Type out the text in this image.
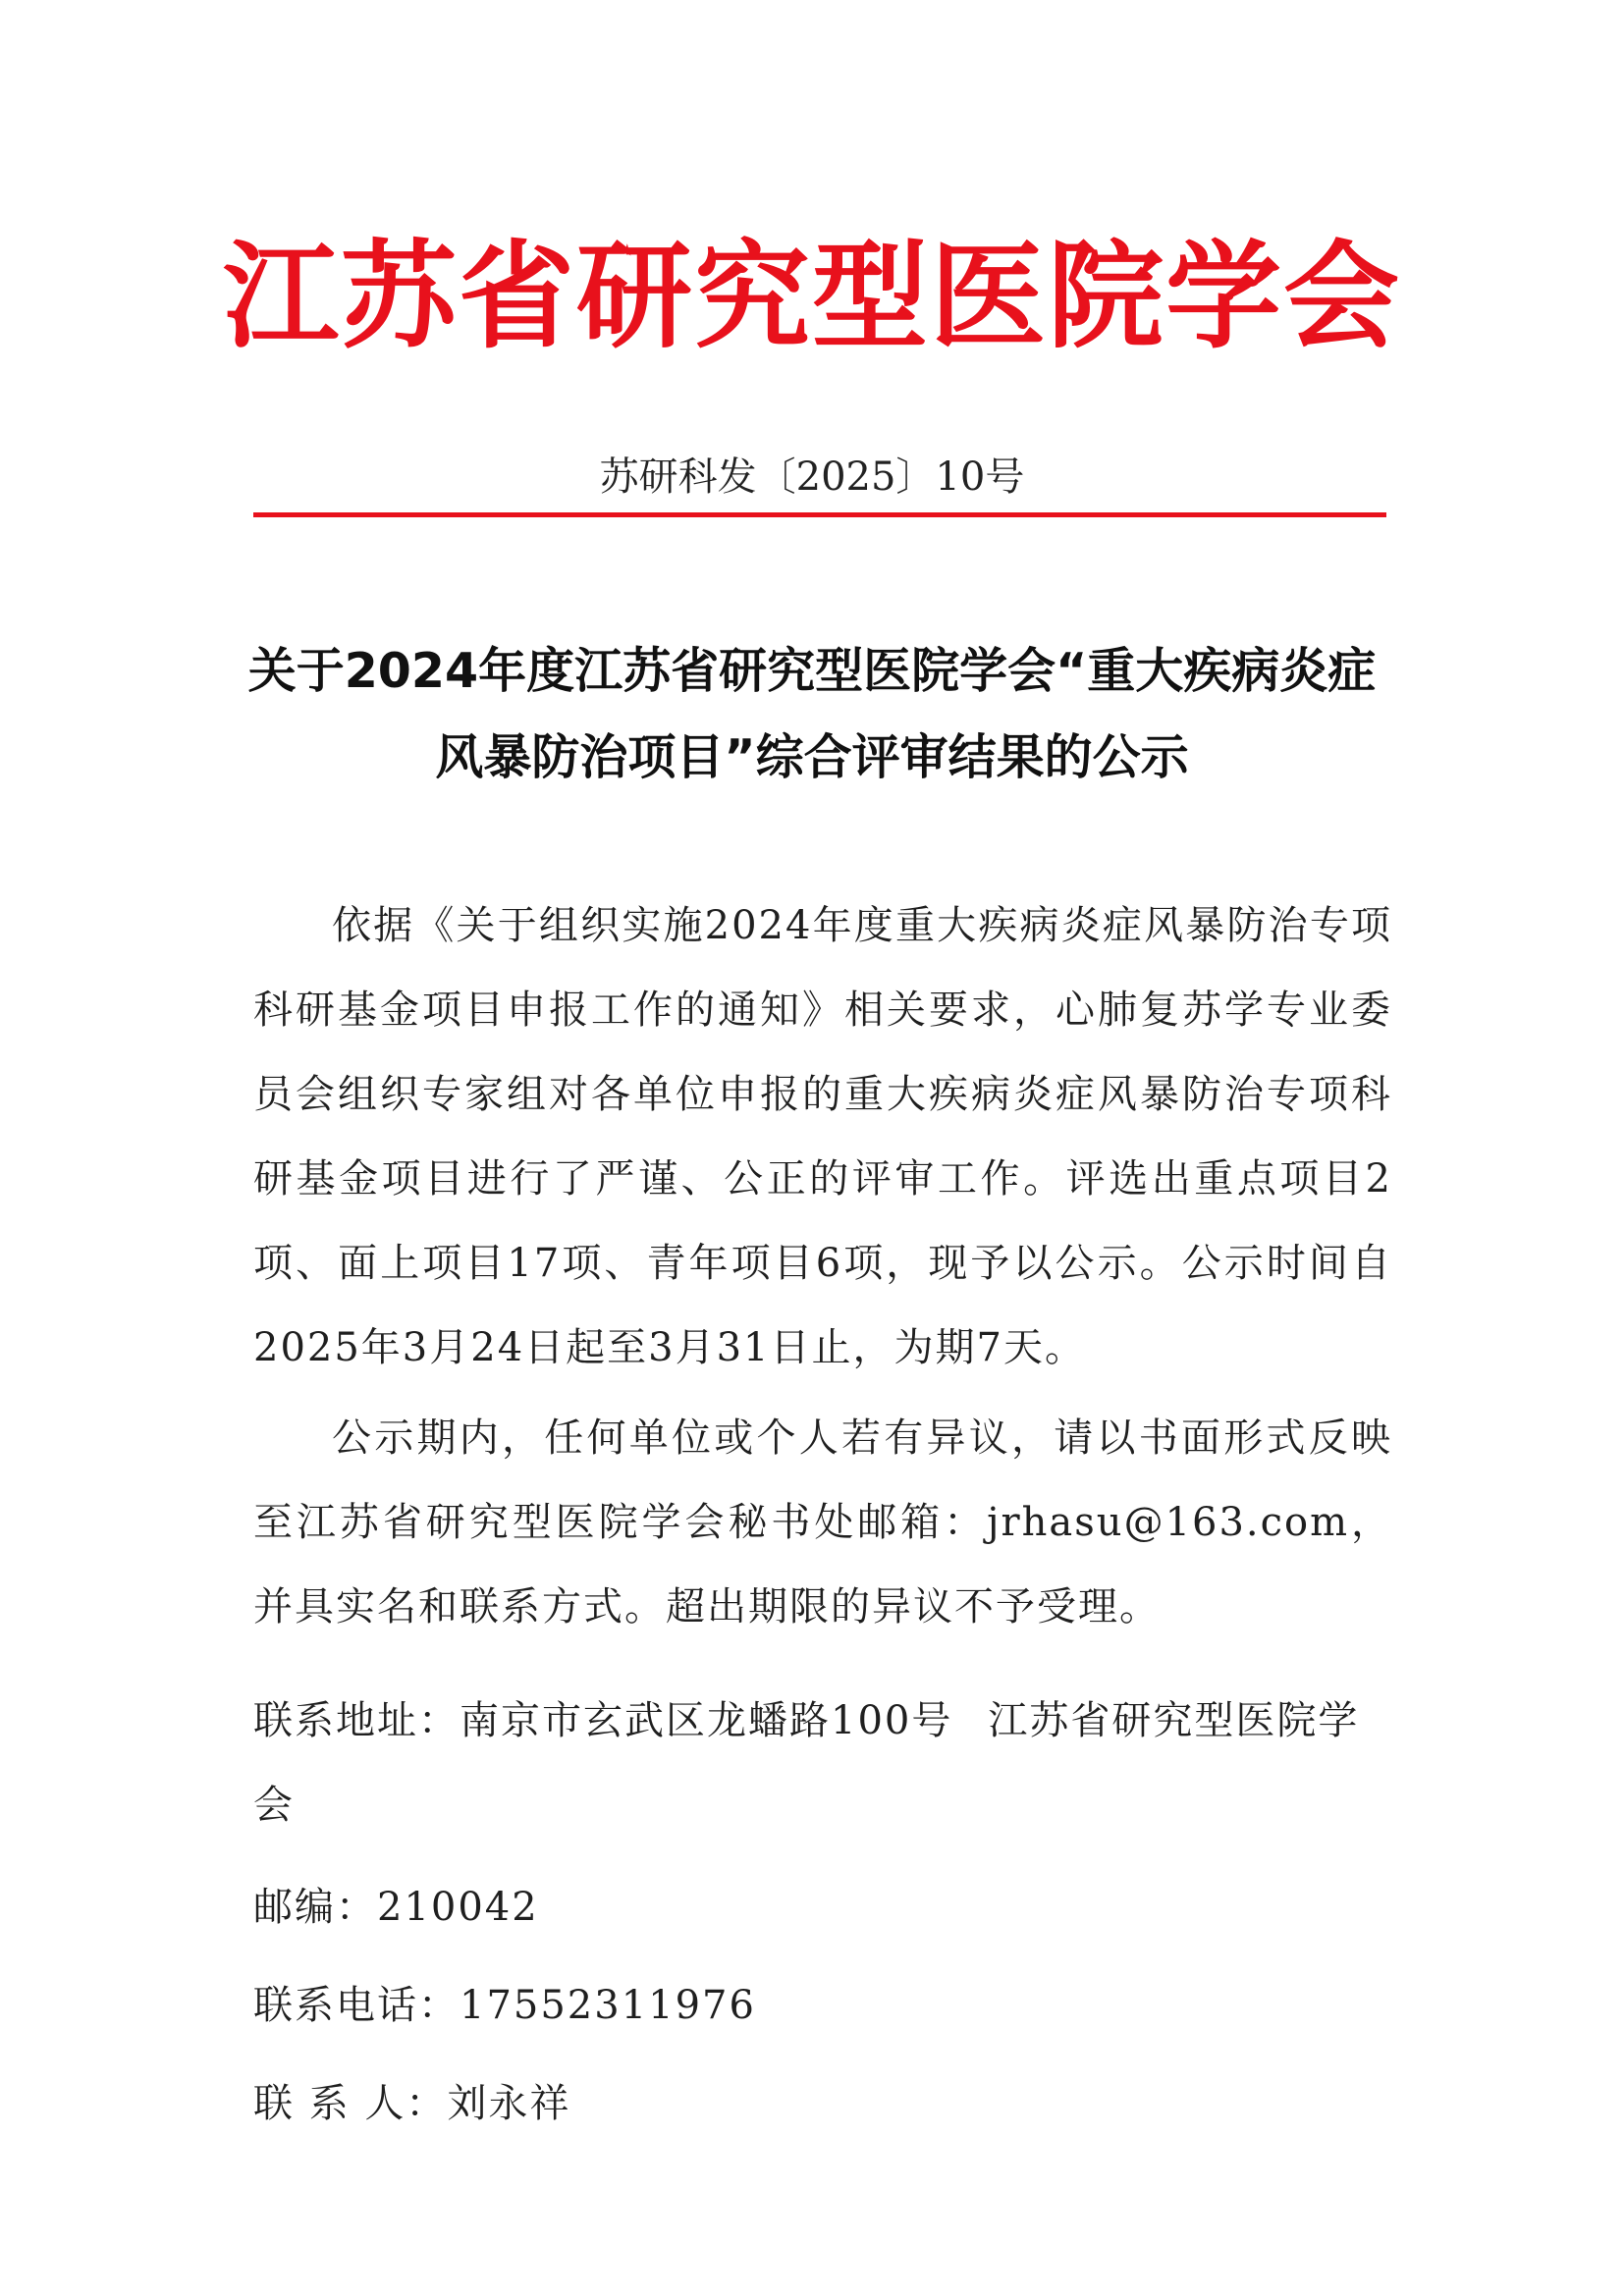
江苏省研究型医院学会
苏研科发〔2025〕10号
关于2024年度江苏省研究型医院学会“重大疾病炎症
风暴防治项目”综合评审结果的公示

依据《关于组织实施2024年度重大疾病炎症风暴防治专项科研基金项目申报工作的通知》相关要求，心肺复苏学专业委员会组织专家组对各单位申报的重大疾病炎症风暴防治专项科研基金项目进行了严谨、公正的评审工作。评选出重点项目2项、面上项目17项、青年项目6项，现予以公示。公示时间自2025年3月24日起至3月31日止，为期7天。

公示期内，任何单位或个人若有异议，请以书面形式反映至江苏省研究型医院学会秘书处邮箱：jrhasu@163.com，并具实名和联系方式。超出期限的异议不予受理。

联系地址：南京市玄武区龙蟠路100号 江苏省研究型医院学会
邮编：210042
联系电话：17552311976
联 系 人：刘永祥
